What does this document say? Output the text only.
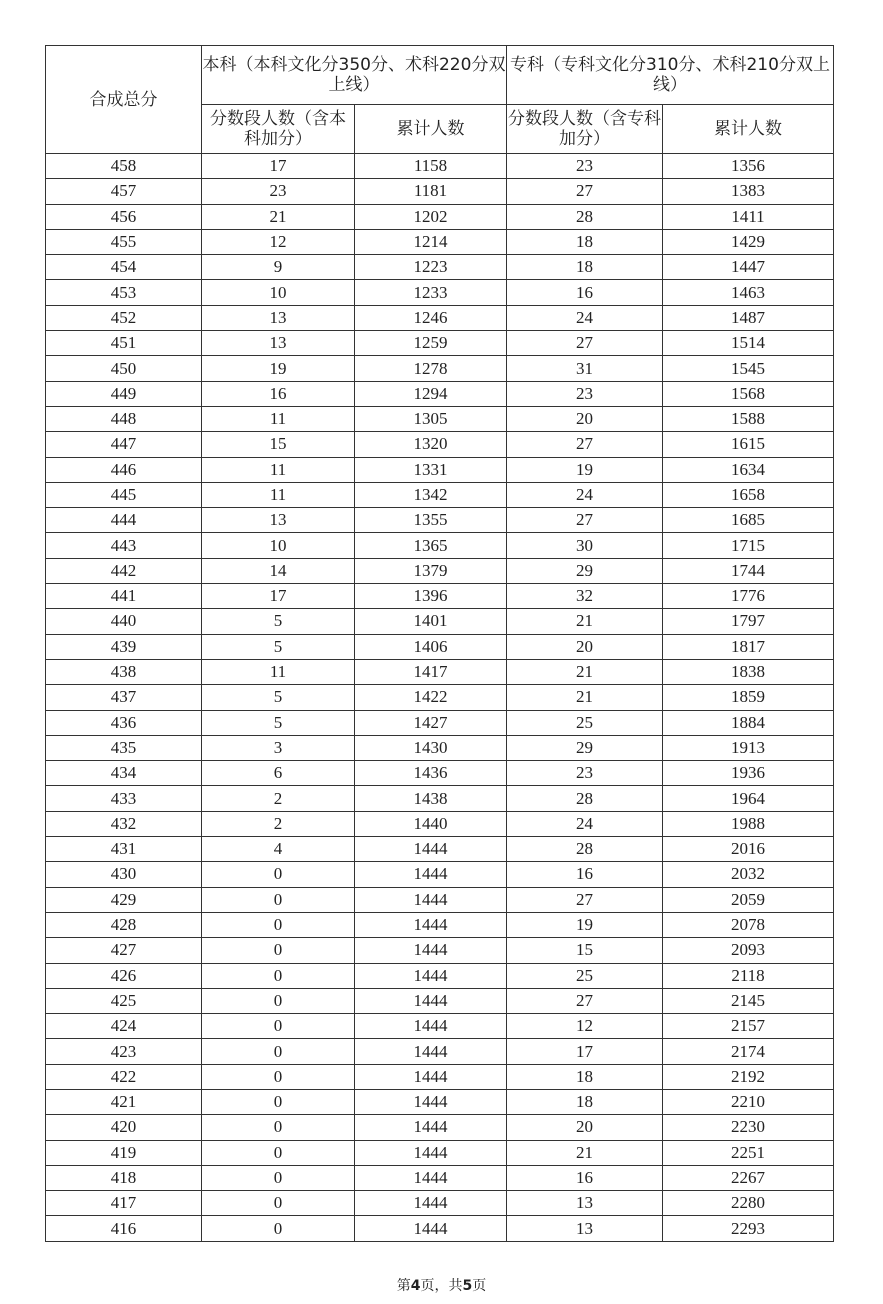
合成总分	本科（本科文化分350分、术科220分双上线）		专科（专科文化分310分、术科210分双上线）	
	分数段人数（含本科加分）	累计人数	分数段人数（含专科加分）	累计人数
458	17	1158	23	1356
457	23	1181	27	1383
456	21	1202	28	1411
455	12	1214	18	1429
454	9	1223	18	1447
453	10	1233	16	1463
452	13	1246	24	1487
451	13	1259	27	1514
450	19	1278	31	1545
449	16	1294	23	1568
448	11	1305	20	1588
447	15	1320	27	1615
446	11	1331	19	1634
445	11	1342	24	1658
444	13	1355	27	1685
443	10	1365	30	1715
442	14	1379	29	1744
441	17	1396	32	1776
440	5	1401	21	1797
439	5	1406	20	1817
438	11	1417	21	1838
437	5	1422	21	1859
436	5	1427	25	1884
435	3	1430	29	1913
434	6	1436	23	1936
433	2	1438	28	1964
432	2	1440	24	1988
431	4	1444	28	2016
430	0	1444	16	2032
429	0	1444	27	2059
428	0	1444	19	2078
427	0	1444	15	2093
426	0	1444	25	2118
425	0	1444	27	2145
424	0	1444	12	2157
423	0	1444	17	2174
422	0	1444	18	2192
421	0	1444	18	2210
420	0	1444	20	2230
419	0	1444	21	2251
418	0	1444	16	2267
417	0	1444	13	2280
416	0	1444	13	2293
第4页，共5页
